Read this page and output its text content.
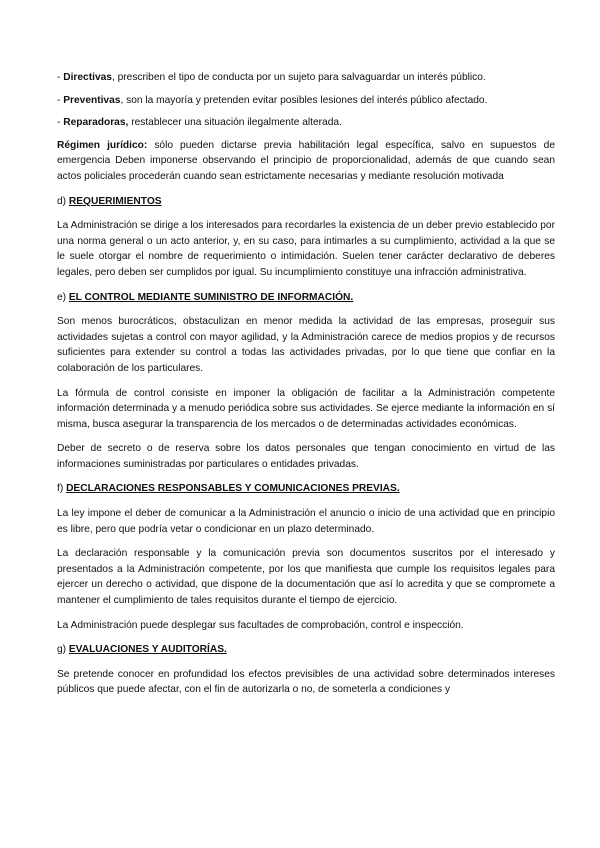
- Directivas, prescriben el tipo de conducta por un sujeto para salvaguardar un interés público.

- Preventivas, son la mayoría y pretenden evitar posibles lesiones del interés público afectado.

- Reparadoras, restablecer una situación ilegalmente alterada.

Régimen jurídico: sólo pueden dictarse previa habilitación legal específica, salvo en supuestos de emergencia Deben imponerse observando el principio de proporcionalidad, además de que cuando sean actos policiales procederán cuando sean estrictamente necesarias y mediante resolución motivada

d) REQUERIMIENTOS

La Administración se dirige a los interesados para recordarles la existencia de un deber previo establecido por una norma general o un acto anterior, y, en su caso, para intimarles a su cumplimiento, actividad a la que se le suele otorgar el nombre de requerimiento o intimidación. Suelen tener carácter declarativo de deberes legales, pero deben ser cumplidos por igual. Su incumplimiento constituye una infracción administrativa.

e) EL CONTROL MEDIANTE SUMINISTRO DE INFORMACIÓN.

Son menos burocráticos, obstaculizan en menor medida la actividad de las empresas, proseguir sus actividades sujetas a control con mayor agilidad, y la Administración carece de medios propios y de recursos suficientes para extender su control a todas las actividades privadas, por lo que tiene que confiar en la colaboración de los particulares.

La fórmula de control consiste en imponer la obligación de facilitar a la Administración competente información determinada y a menudo periódica sobre sus actividades. Se ejerce mediante la información en sí misma, busca asegurar la transparencia de los mercados o de determinadas actividades económicas.

Deber de secreto o de reserva sobre los datos personales que tengan conocimiento en virtud de las informaciones suministradas por particulares o entidades privadas.

f) DECLARACIONES RESPONSABLES Y COMUNICACIONES PREVIAS.

La ley impone el deber de comunicar a la Administración el anuncio o inicio de una actividad que en principio es libre, pero que podría vetar o condicionar en un plazo determinado.

La declaración responsable y la comunicación previa son documentos suscritos por el interesado y presentados a la Administración competente, por los que manifiesta que cumple los requisitos legales para ejercer un derecho o actividad, que dispone de la documentación que así lo acredita y que se compromete a mantener el cumplimiento de tales requisitos durante el tiempo de ejercicio.

La Administración puede desplegar sus facultades de comprobación, control e inspección.

g) EVALUACIONES Y AUDITORÍAS.

Se pretende conocer en profundidad los efectos previsibles de una actividad sobre determinados intereses públicos que puede afectar, con el fin de autorizarla o no, de someterla a condiciones y
